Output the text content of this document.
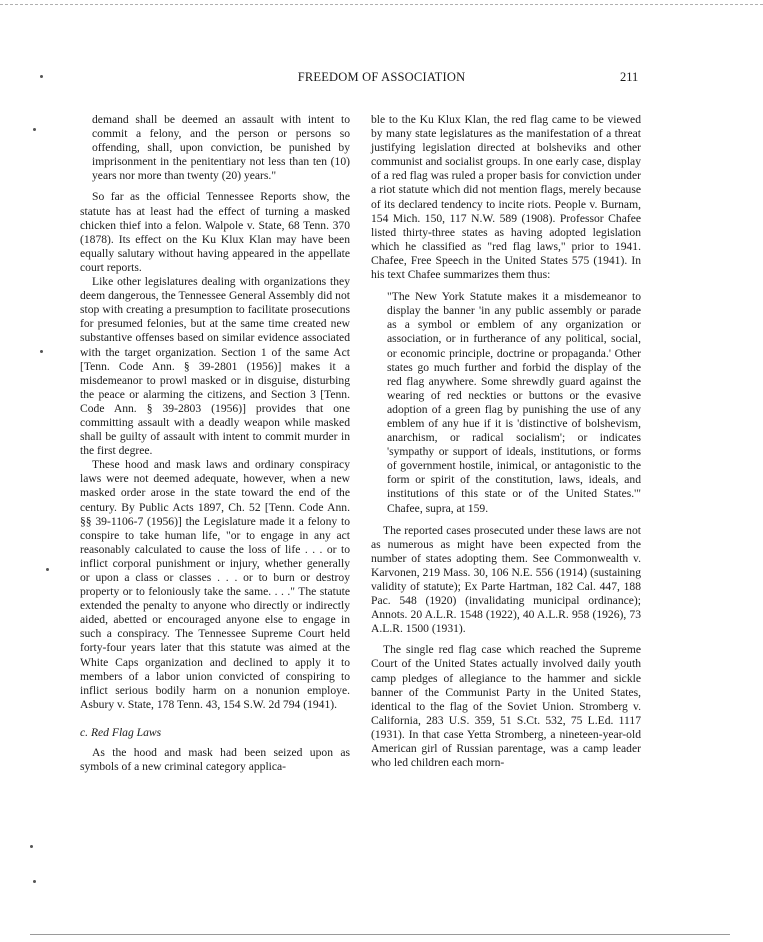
FREEDOM OF ASSOCIATION	211

demand shall be deemed an assault with intent to commit a felony, and the person or persons so offending, shall, upon conviction, be punished by imprisonment in the penitentiary not less than ten (10) years nor more than twenty (20) years."

So far as the official Tennessee Reports show, the statute has at least had the effect of turning a masked chicken thief into a felon. Walpole v. State, 68 Tenn. 370 (1878). Its effect on the Ku Klux Klan may have been equally salutary without having appeared in the appellate court reports.

Like other legislatures dealing with organizations they deem dangerous, the Tennessee General Assembly did not stop with creating a presumption to facilitate prosecutions for presumed felonies, but at the same time created new substantive offenses based on similar evidence associated with the target organization. Section 1 of the same Act [Tenn. Code Ann. § 39-2801 (1956)] makes it a misdemeanor to prowl masked or in disguise, disturbing the peace or alarming the citizens, and Section 3 [Tenn. Code Ann. § 39-2803 (1956)] provides that one committing assault with a deadly weapon while masked shall be guilty of assault with intent to commit murder in the first degree.

These hood and mask laws and ordinary conspiracy laws were not deemed adequate, however, when a new masked order arose in the state toward the end of the century. By Public Acts 1897, Ch. 52 [Tenn. Code Ann. §§ 39-1106-7 (1956)] the Legislature made it a felony to conspire to take human life, "or to engage in any act reasonably calculated to cause the loss of life . . . or to inflict corporal punishment or injury, whether generally or upon a class or classes . . . or to burn or destroy property or to feloniously take the same. . . ." The statute extended the penalty to anyone who directly or indirectly aided, abetted or encouraged anyone else to engage in such a conspiracy. The Tennessee Supreme Court held forty-four years later that this statute was aimed at the White Caps organization and declined to apply it to members of a labor union convicted of conspiring to inflict serious bodily harm on a nonunion employe. Asbury v. State, 178 Tenn. 43, 154 S.W. 2d 794 (1941).

c. Red Flag Laws

As the hood and mask had been seized upon as symbols of a new criminal category applica-

ble to the Ku Klux Klan, the red flag came to be viewed by many state legislatures as the manifestation of a threat justifying legislation directed at bolsheviks and other communist and socialist groups. In one early case, display of a red flag was ruled a proper basis for conviction under a riot statute which did not mention flags, merely because of its declared tendency to incite riots. People v. Burnam, 154 Mich. 150, 117 N.W. 589 (1908). Professor Chafee listed thirty-three states as having adopted legislation which he classified as "red flag laws," prior to 1941. Chafee, Free Speech in the United States 575 (1941). In his text Chafee summarizes them thus:

"The New York Statute makes it a misdemeanor to display the banner 'in any public assembly or parade as a symbol or emblem of any organization or association, or in furtherance of any political, social, or economic principle, doctrine or propaganda.' Other states go much further and forbid the display of the red flag anywhere. Some shrewdly guard against the wearing of red neckties or buttons or the evasive adoption of a green flag by punishing the use of any emblem of any hue if it is 'distinctive of bolshevism, anarchism, or radical socialism'; or indicates 'sympathy or support of ideals, institutions, or forms of government hostile, inimical, or antagonistic to the form or spirit of the constitution, laws, ideals, and institutions of this state or of the United States.'" Chafee, supra, at 159.

The reported cases prosecuted under these laws are not as numerous as might have been expected from the number of states adopting them. See Commonwealth v. Karvonen, 219 Mass. 30, 106 N.E. 556 (1914) (sustaining validity of statute); Ex Parte Hartman, 182 Cal. 447, 188 Pac. 548 (1920) (invalidating municipal ordinance); Annots. 20 A.L.R. 1548 (1922), 40 A.L.R. 958 (1926), 73 A.L.R. 1500 (1931).

The single red flag case which reached the Supreme Court of the United States actually involved daily youth camp pledges of allegiance to the hammer and sickle banner of the Communist Party in the United States, identical to the flag of the Soviet Union. Stromberg v. California, 283 U.S. 359, 51 S.Ct. 532, 75 L.Ed. 1117 (1931). In that case Yetta Stromberg, a nineteen-year-old American girl of Russian parentage, was a camp leader who led children each morn-
